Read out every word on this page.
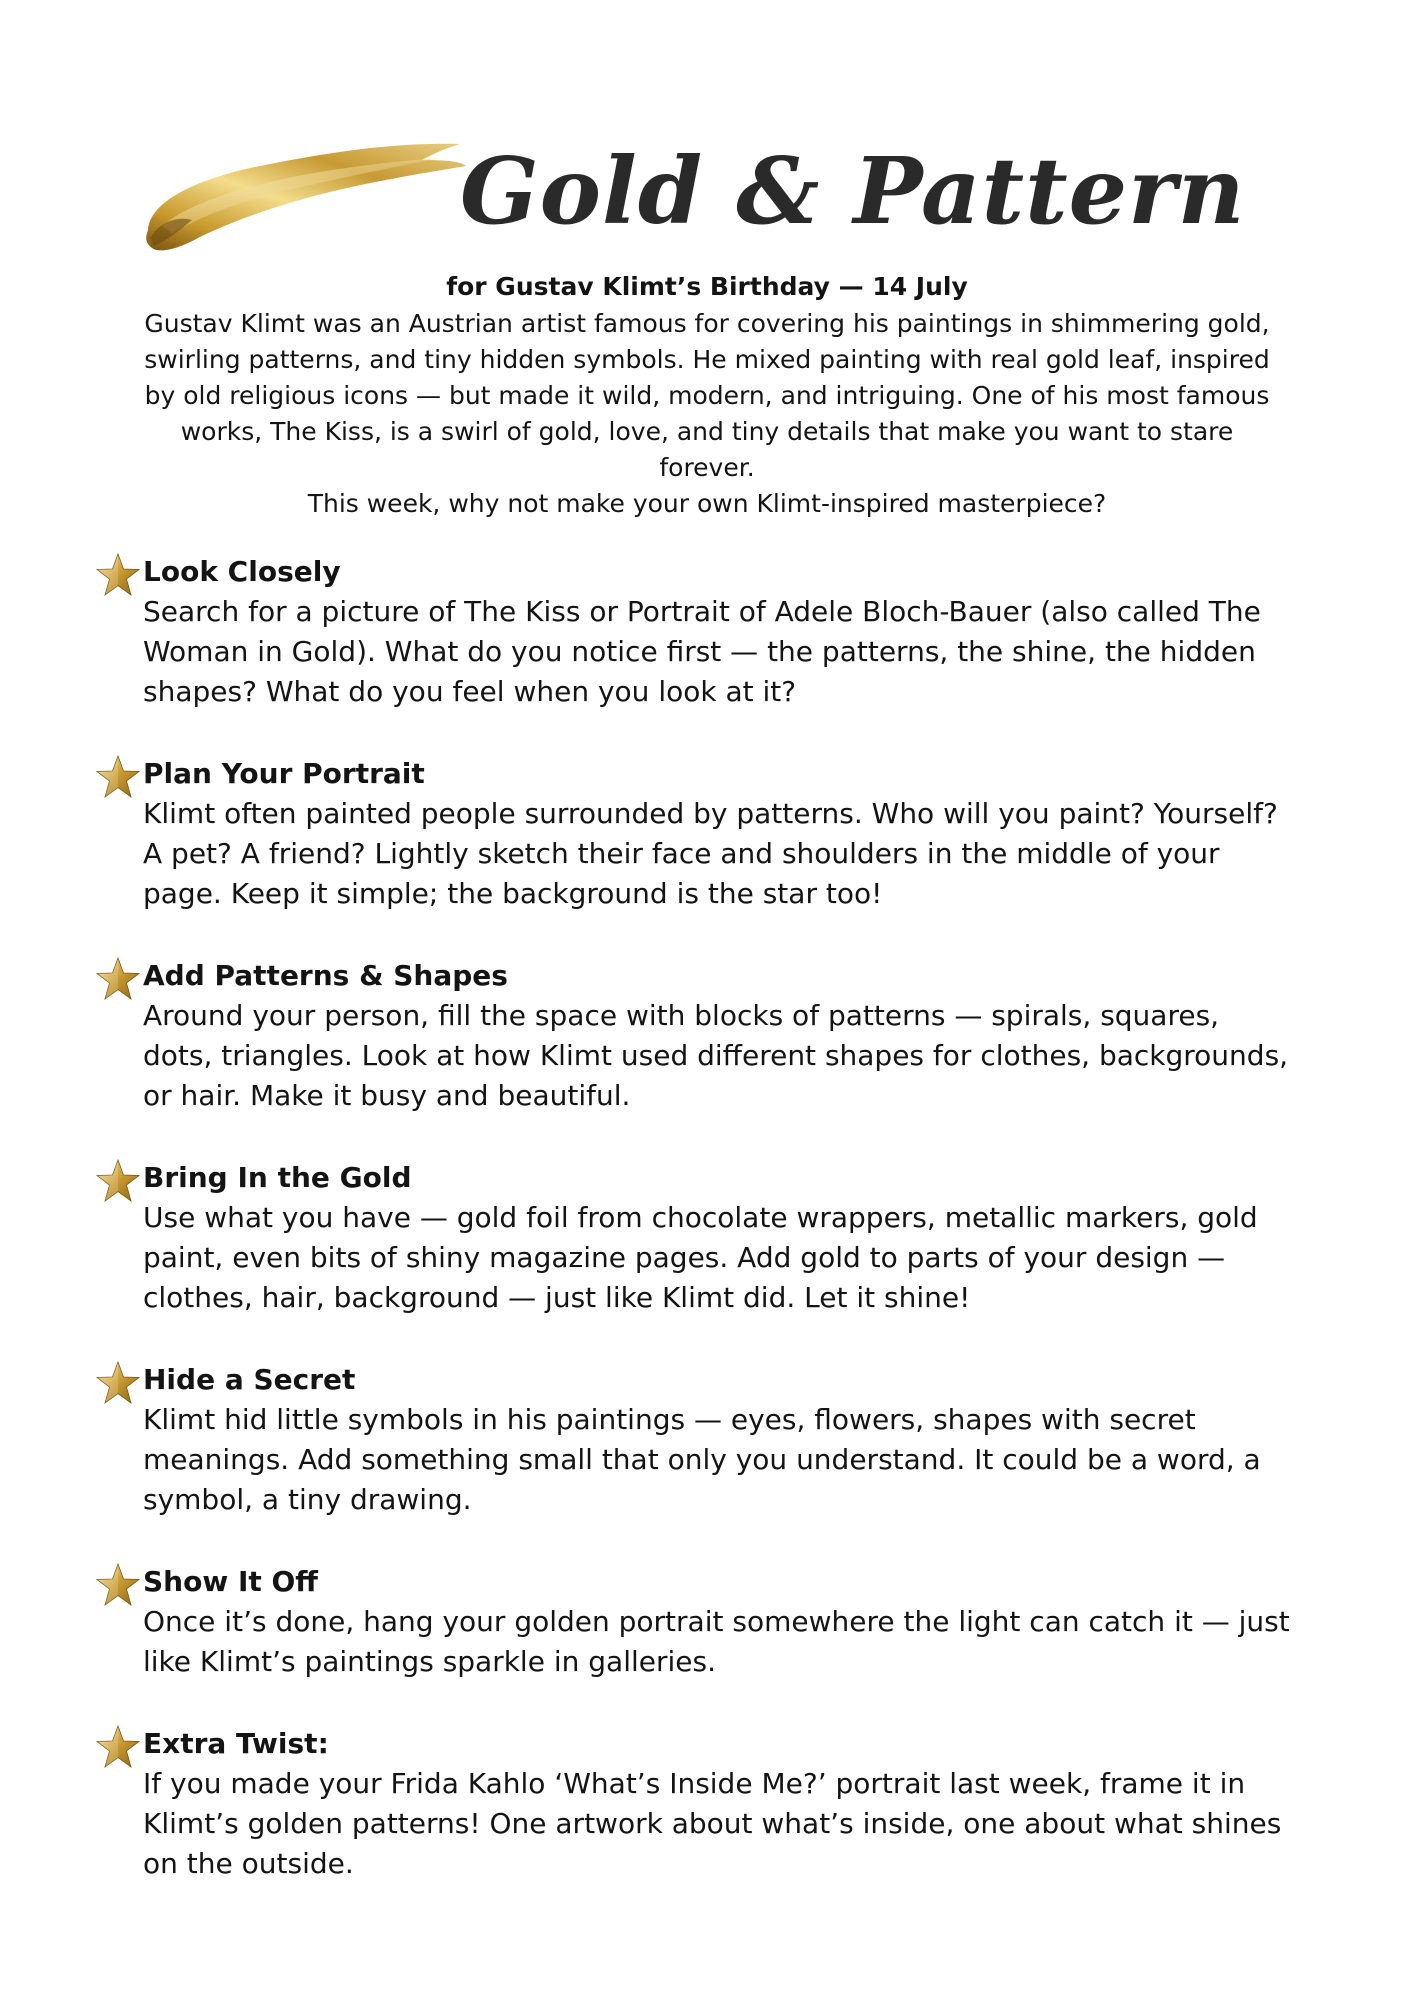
Gold & Pattern
for Gustav Klimt’s Birthday — 14 July

Gustav Klimt was an Austrian artist famous for covering his paintings in shimmering gold, swirling patterns, and tiny hidden symbols. He mixed painting with real gold leaf, inspired by old religious icons — but made it wild, modern, and intriguing. One of his most famous works, The Kiss, is a swirl of gold, love, and tiny details that make you want to stare forever.

This week, why not make your own Klimt-inspired masterpiece?

Look Closely

Search for a picture of The Kiss or Portrait of Adele Bloch-Bauer (also called The Woman in Gold). What do you notice first — the patterns, the shine, the hidden shapes? What do you feel when you look at it?

Plan Your Portrait

Klimt often painted people surrounded by patterns. Who will you paint? Yourself? A pet? A friend? Lightly sketch their face and shoulders in the middle of your page. Keep it simple; the background is the star too!

Add Patterns & Shapes

Around your person, fill the space with blocks of patterns — spirals, squares, dots, triangles. Look at how Klimt used different shapes for clothes, backgrounds, or hair. Make it busy and beautiful.

Bring In the Gold

Use what you have — gold foil from chocolate wrappers, metallic markers, gold paint, even bits of shiny magazine pages. Add gold to parts of your design — clothes, hair, background — just like Klimt did. Let it shine!

Hide a Secret

Klimt hid little symbols in his paintings — eyes, flowers, shapes with secret meanings. Add something small that only you understand. It could be a word, a symbol, a tiny drawing.

Show It Off

Once it’s done, hang your golden portrait somewhere the light can catch it — just like Klimt’s paintings sparkle in galleries.

Extra Twist:

If you made your Frida Kahlo ‘What’s Inside Me?’ portrait last week, frame it in Klimt’s golden patterns! One artwork about what’s inside, one about what shines on the outside.
